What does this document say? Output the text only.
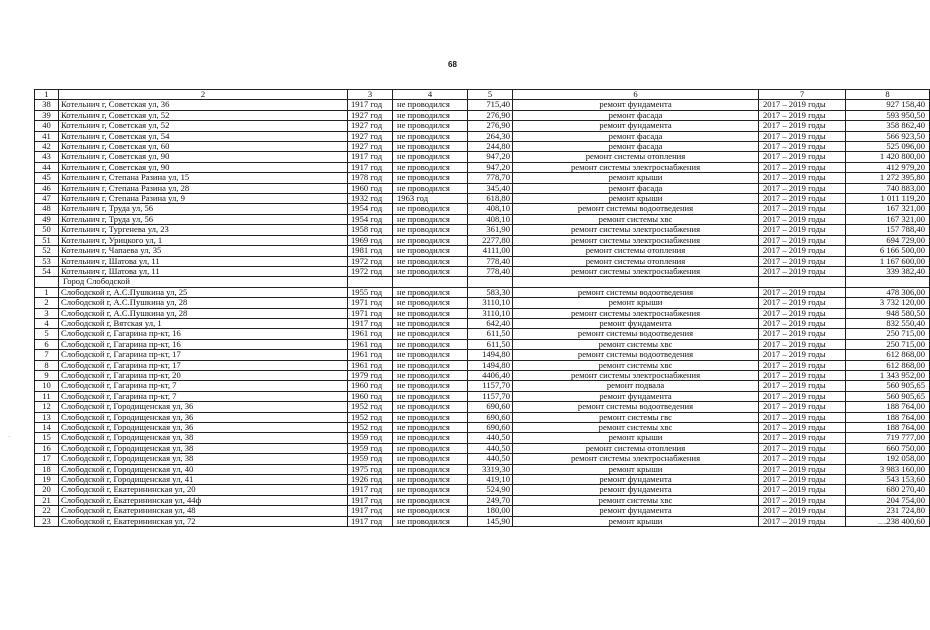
68
1	2	3	4	5	6	7	8
38	Котельнич г, Советская ул, 36	1917 год	не проводился	715,40	ремонт фундамента	2017 – 2019 годы	927 158,40
39	Котельнич г, Советская ул, 52	1927 год	не проводился	276,90	ремонт фасада	2017 – 2019 годы	593 950,50
40	Котельнич г, Советская ул, 52	1927 год	не проводился	276,90	ремонт фундамента	2017 – 2019 годы	358 862,40
41	Котельнич г, Советская ул, 54	1927 год	не проводился	264,30	ремонт фасада	2017 – 2019 годы	566 923,50
42	Котельнич г, Советская ул, 60	1927 год	не проводился	244,80	ремонт фасада	2017 – 2019 годы	525 096,00
43	Котельнич г, Советская ул, 90	1917 год	не проводился	947,20	ремонт системы отопления	2017 – 2019 годы	1 420 800,00
44	Котельнич г, Советская ул, 90	1917 год	не проводился	947,20	ремонт системы электроснабжения	2017 – 2019 годы	412 979,20
45	Котельнич г, Степана Разина ул, 15	1978 год	не проводился	778,70	ремонт крыши	2017 – 2019 годы	1 272 395,80
46	Котельнич г, Степана Разина ул, 28	1960 год	не проводился	345,40	ремонт фасада	2017 – 2019 годы	740 883,00
47	Котельнич г, Степана Разина ул, 9	1932 год	1963 год	618,80	ремонт крыши	2017 – 2019 годы	1 011 119,20
48	Котельнич г, Труда ул, 56	1954 год	не проводился	408,10	ремонт системы водоотведения	2017 – 2019 годы	167 321,00
49	Котельнич г, Труда ул, 56	1954 год	не проводился	408,10	ремонт системы хвс	2017 – 2019 годы	167 321,00
50	Котельнич г, Тургенева ул, 23	1958 год	не проводился	361,90	ремонт системы электроснабжения	2017 – 2019 годы	157 788,40
51	Котельнич г, Урицкого ул, 1	1969 год	не проводился	2277,80	ремонт системы электроснабжения	2017 – 2019 годы	694 729,00
52	Котельнич г, Чапаева ул, 35	1981 год	не проводился	4111,00	ремонт системы отопления	2017 – 2019 годы	6 166 500,00
53	Котельнич г, Шатова ул, 11	1972 год	не проводился	778,40	ремонт системы отопления	2017 – 2019 годы	1 167 600,00
54	Котельнич г, Шатова ул, 11	1972 год	не проводился	778,40	ремонт системы электроснабжения	2017 – 2019 годы	339 382,40
	Город Слободской						
1	Слободской г, А.С.Пушкина ул, 25	1955 год	не проводился	583,30	ремонт системы водоотведения	2017 – 2019 годы	478 306,00
2	Слободской г, А.С.Пушкина ул, 28	1971 год	не проводился	3110,10	ремонт крыши	2017 – 2019 годы	3 732 120,00
3	Слободской г, А.С.Пушкина ул, 28	1971 год	не проводился	3110,10	ремонт системы электроснабжения	2017 – 2019 годы	948 580,50
4	Слободской г, Вятская ул, 1	1917 год	не проводился	642,40	ремонт фундамента	2017 – 2019 годы	832 550,40
5	Слободской г, Гагарина пр-кт, 16	1961 год	не проводился	611,50	ремонт системы водоотведения	2017 – 2019 годы	250 715,00
6	Слободской г, Гагарина пр-кт, 16	1961 год	не проводился	611,50	ремонт системы хвс	2017 – 2019 годы	250 715,00
7	Слободской г, Гагарина пр-кт, 17	1961 год	не проводился	1494,80	ремонт системы водоотведения	2017 – 2019 годы	612 868,00
8	Слободской г, Гагарина пр-кт, 17	1961 год	не проводился	1494,80	ремонт системы хвс	2017 – 2019 годы	612 868,00
9	Слободской г, Гагарина пр-кт, 20	1979 год	не проводился	4406,40	ремонт системы электроснабжения	2017 – 2019 годы	1 343 952,00
10	Слободской г, Гагарина пр-кт, 7	1960 год	не проводился	1157,70	ремонт подвала	2017 – 2019 годы	560 905,65
11	Слободской г, Гагарина пр-кт, 7	1960 год	не проводился	1157,70	ремонт фундамента	2017 – 2019 годы	560 905,65
12	Слободской г, Городищенская ул, 36	1952 год	не проводился	690,60	ремонт системы водоотведения	2017 – 2019 годы	188 764,00
13	Слободской г, Городищенская ул, 36	1952 год	не проводился	690,60	ремонт системы гвс	2017 – 2019 годы	188 764,00
14	Слободской г, Городищенская ул, 36	1952 год	не проводился	690,60	ремонт системы хвс	2017 – 2019 годы	188 764,00
15	Слободской г, Городищенская ул, 38	1959 год	не проводился	440,50	ремонт крыши	2017 – 2019 годы	719 777,00
16	Слободской г, Городищенская ул, 38	1959 год	не проводился	440,50	ремонт системы отопления	2017 – 2019 годы	660 750,00
17	Слободской г, Городищенская ул, 38	1959 год	не проводился	440,50	ремонт системы электроснабжения	2017 – 2019 годы	192 058,00
18	Слободской г, Городищенская ул, 40	1975 год	не проводился	3319,30	ремонт крыши	2017 – 2019 годы	3 983 160,00
19	Слободской г, Городищенская ул, 41	1926 год	не проводился	419,10	ремонт фундамента	2017 – 2019 годы	543 153,60
20	Слободской г, Екатерининская ул, 20	1917 год	не проводился	524,90	ремонт фундамента	2017 – 2019 годы	680 270,40
21	Слободской г, Екатерининская ул, 44ф	1917 год	не проводился	249,70	ремонт системы хвс	2017 – 2019 годы	204 754,00
22	Слободской г, Екатерининская ул, 48	1917 год	не проводился	180,00	ремонт фундамента	2017 – 2019 годы	231 724,80
23	Слободской г, Екатерининская ул, 72	1917 год	не проводился	145,90	ремонт крыши	2017 – 2019 годы	238 400,60
–·–
·
